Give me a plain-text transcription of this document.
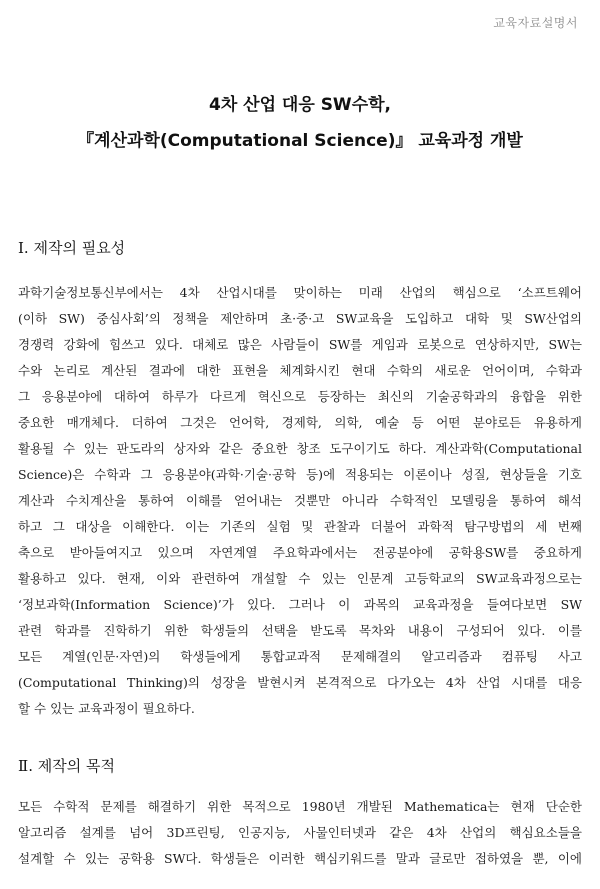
교육자료설명서
4차 산업 대응 SW수학,
『계산과학(Computational Science)』 교육과정 개발
Ⅰ. 제작의 필요성
과학기술정보통신부에서는 4차 산업시대를 맞이하는 미래 산업의 핵심으로 ‘소프트웨어
(이하 SW) 중심사회’의 정책을 제안하며 초·중·고 SW교육을 도입하고 대학 및 SW산업의
경쟁력 강화에 힘쓰고 있다. 대체로 많은 사람들이 SW를 게임과 로봇으로 연상하지만, SW는
수와 논리로 계산된 결과에 대한 표현을 체계화시킨 현대 수학의 새로운 언어이며, 수학과
그 응용분야에 대하여 하루가 다르게 혁신으로 등장하는 최신의 기술공학과의 융합을 위한
중요한 매개체다. 더하여 그것은 언어학, 경제학, 의학, 예술 등 어떤 분야로든 유용하게
활용될 수 있는 판도라의 상자와 같은 중요한 창조 도구이기도 하다. 계산과학(Computational
Science)은 수학과 그 응용분야(과학·기술·공학 등)에 적용되는 이론이나 성질, 현상들을 기호
계산과 수치계산을 통하여 이해를 얻어내는 것뿐만 아니라 수학적인 모델링을 통하여 해석
하고 그 대상을 이해한다. 이는 기존의 실험 및 관찰과 더불어 과학적 탐구방법의 세 번째
축으로 받아들여지고 있으며 자연계열 주요학과에서는 전공분야에 공학용SW를 중요하게
활용하고 있다. 현재, 이와 관련하여 개설할 수 있는 인문계 고등학교의 SW교육과정으로는
‘정보과학(Information Science)’가 있다. 그러나 이 과목의 교육과정을 들여다보면 SW
관련 학과를 진학하기 위한 학생들의 선택을 받도록 목차와 내용이 구성되어 있다. 이를
모든 계열(인문·자연)의 학생들에게 통합교과적 문제해결의 알고리즘과 컴퓨팅 사고
(Computational Thinking)의 성장을 발현시켜 본격적으로 다가오는 4차 산업 시대를 대응
할 수 있는 교육과정이 필요하다.
Ⅱ. 제작의 목적
모든 수학적 문제를 해결하기 위한 목적으로 1980년 개발된 Mathematica는 현재 단순한
알고리즘 설계를 넘어 3D프린팅, 인공지능, 사물인터넷과 같은 4차 산업의 핵심요소들을
설계할 수 있는 공학용 SW다. 학생들은 이러한 핵심키워드를 말과 글로만 접하였을 뿐, 이에
